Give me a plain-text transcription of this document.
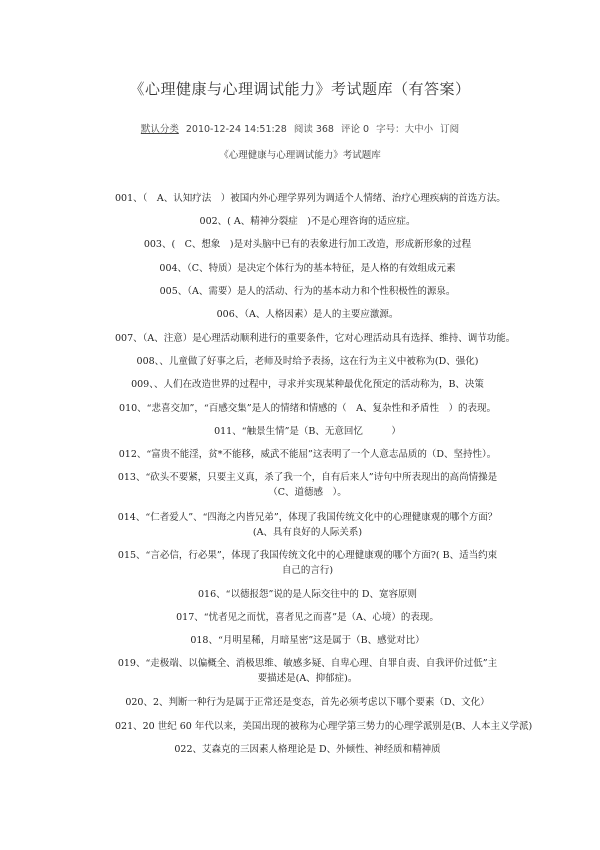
《心理健康与心理调试能力》考试题库（有答案）
默认分类 2010-12-24 14:51:28 阅读 368 评论 0 字号：大中小 订阅
《心理健康与心理调试能力》考试题库
001、（　A、认知疗法　）被国内外心理学界列为调适个人情绪、治疗心理疾病的首选方法。
002、( A、精神分裂症　)不是心理咨询的适应症。
003、(　C、想象　)是对头脑中已有的表象进行加工改造，形成新形象的过程
004、（C、特质）是决定个体行为的基本特征，是人格的有效组成元素
005、（A、需要）是人的活动、行为的基本动力和个性积极性的源泉。
006、（A、人格因素）是人的主要应激源。
007、（A、注意）是心理活动顺利进行的重要条件，它对心理活动具有选择、维持、调节功能。
008、、儿童做了好事之后，老师及时给予表扬，这在行为主义中被称为(D、强化)
009、、人们在改造世界的过程中，寻求并实现某种最优化预定的活动称为，B、决策
010、“悲喜交加”，“百感交集”是人的情绪和情感的（　A、复杂性和矛盾性　）的表现。
011、“触景生情”是（B、无意回忆　　　）
012、“富贵不能淫，贫*不能移，威武不能屈”这表明了一个人意志品质的（D、坚持性）。
013、“砍头不要紧，只要主义真，杀了我一个，自有后来人”诗句中所表现出的高尚情操是（C、道德感　）。
014、“仁者爱人”、“四海之内皆兄弟”，体现了我国传统文化中的心理健康观的哪个方面？(A、具有良好的人际关系)
015、“言必信，行必果”，体现了我国传统文化中的心理健康观的哪个方面?( B、适当约束自己的言行)
016、“以德报怨”说的是人际交往中的 D、宽容原则
017、“忧者见之而忧，喜者见之而喜”是（A、心境）的表现。
018、“月明星稀，月暗星密”这是属于（B、感觉对比）
019、“走极端、以偏概全、消极思维、敏感多疑、自卑心理、自罪自责、自我评价过低”主要描述是(A、抑郁症)。
020、2、判断一种行为是属于正常还是变态，首先必须考虑以下哪个要素（D、文化）
021、20 世纪 60 年代以来，美国出现的被称为心理学第三势力的心理学派别是(B、人本主义学派)
022、艾森克的三因素人格理论是 D、外倾性、神经质和精神质
